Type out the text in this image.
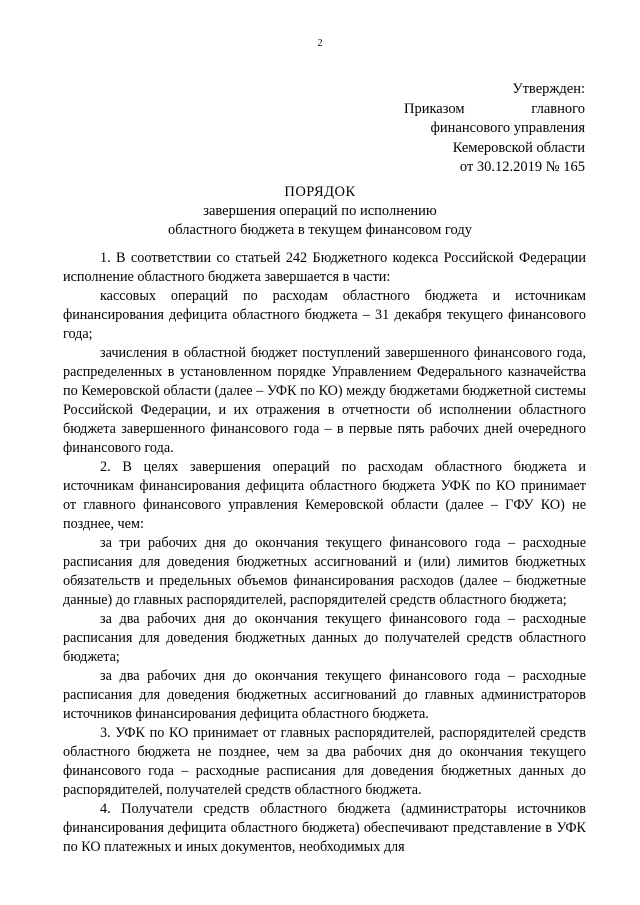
2
Утвержден:
Приказом	главного
финансового управления
Кемеровской области
от 30.12.2019 № 165
ПОРЯДОК
завершения операций по исполнению
областного бюджета в текущем финансовом году

1. В соответствии со статьей 242 Бюджетного кодекса Российской Федерации исполнение областного бюджета завершается в части:

кассовых операций по расходам областного бюджета и источникам финансирования дефицита областного бюджета – 31 декабря текущего финансового года;

зачисления в областной бюджет поступлений завершенного финансового года, распределенных в установленном порядке Управлением Федерального казначейства по Кемеровской области (далее – УФК по КО) между бюджетами бюджетной системы Российской Федерации, и их отражения в отчетности об исполнении областного бюджета завершенного финансового года – в первые пять рабочих дней очередного финансового года.

2. В целях завершения операций по расходам областного бюджета и источникам финансирования дефицита областного бюджета УФК по КО принимает от главного финансового управления Кемеровской области (далее – ГФУ КО) не позднее, чем:

за три рабочих дня до окончания текущего финансового года – расходные расписания для доведения бюджетных ассигнований и (или) лимитов бюджетных обязательств и предельных объемов финансирования расходов (далее – бюджетные данные) до главных распорядителей, распорядителей средств областного бюджета;

за два рабочих дня до окончания текущего финансового года – расходные расписания для доведения бюджетных данных до получателей средств областного бюджета;

за два рабочих дня до окончания текущего финансового года – расходные расписания для доведения бюджетных ассигнований до главных администраторов источников финансирования дефицита областного бюджета.

3. УФК по КО принимает от главных распорядителей, распорядителей средств областного бюджета не позднее, чем за два рабочих дня до окончания текущего финансового года – расходные расписания для доведения бюджетных данных до распорядителей, получателей средств областного бюджета.

4. Получатели средств областного бюджета (администраторы источников финансирования дефицита областного бюджета) обеспечивают представление в УФК по КО платежных и иных документов, необходимых для
